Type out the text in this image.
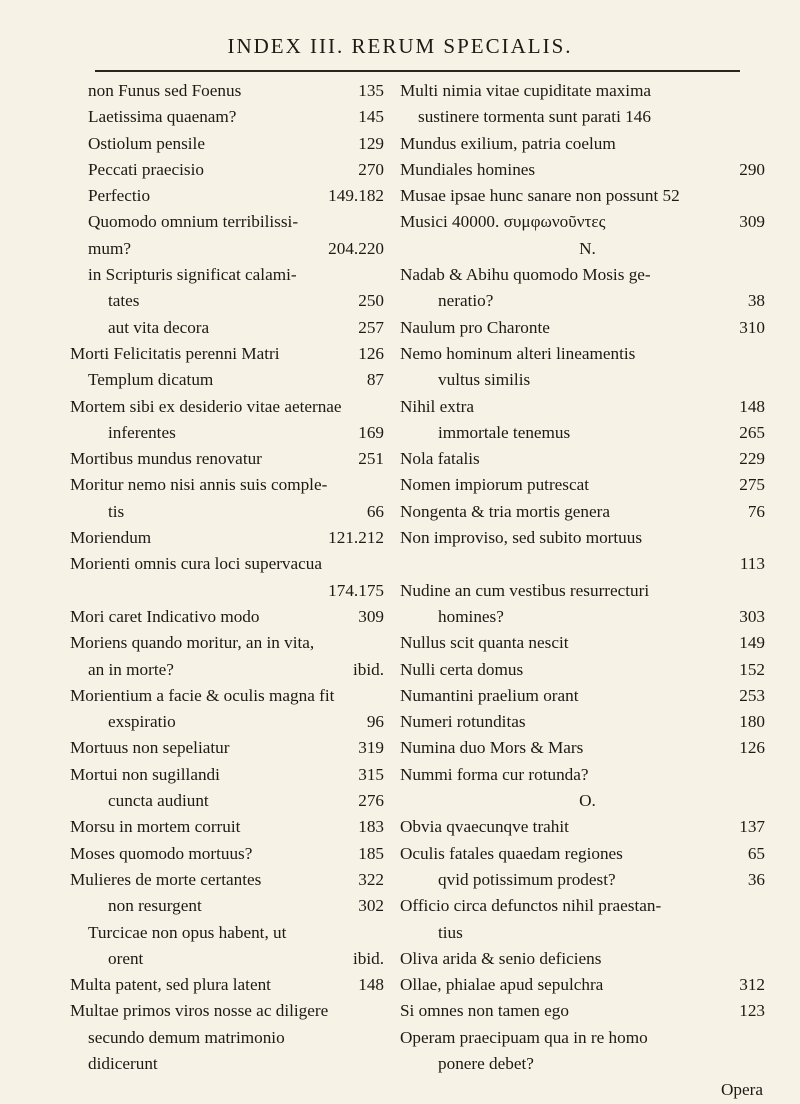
INDEX III. RERUM SPECIALIS.
non Funus sed Foenus	135
Laetissima quaenam?	145
Ostiolum pensile	129
Peccati praecisio	270
Perfectio	149.182
Quomodo omnium terribilissi-
mum?	204.220
in Scripturis significat calami-
tates	250
aut vita decora	257
Morti Felicitatis perenni Matri	126
Templum dicatum	87
Mortem sibi ex desiderio vitae aeternae
inferentes	169
Mortibus mundus renovatur	251
Moritur nemo nisi annis suis comple-
tis	66
Moriendum	121.212
Morienti omnis cura loci supervacua
174.175
Mori caret Indicativo modo	309
Moriens quando moritur, an in vita,
an in morte?	ibid.
Morientium a facie & oculis magna fit
exspiratio	96
Mortuus non sepeliatur	319
Mortui non sugillandi	315
cuncta audiunt	276
Morsu in mortem corruit	183
Moses quomodo mortuus?	185
Mulieres de morte certantes	322
non resurgent	302
Turcicae non opus habent, ut
orent	ibid.
Multa patent, sed plura latent	148
Multae primos viros nosse ac diligere
secundo demum matrimonio
didicerunt
Multi nimia vitae cupiditate maxima
sustinere tormenta sunt parati 146
Mundus exilium, patria coelum
Mundiales homines	290
Musae ipsae hunc sanare non possunt 52
Musici 40000. συμφωνοῦντες	309
N.
Nadab & Abihu quomodo Mosis ge-
neratio?	38
Naulum pro Charonte	310
Nemo hominum alteri lineamentis
vultus similis
Nihil extra	148
immortale tenemus	265
Nola fatalis	229
Nomen impiorum putrescat	275
Nongenta & tria mortis genera	76
Non improviso, sed subito mortuus
113
Nudine an cum vestibus resurrecturi
homines?	303
Nullus scit quanta nescit	149
Nulli certa domus	152
Numantini praelium orant	253
Numeri rotunditas	180
Numina duo Mors & Mars	126
Nummi forma cur rotunda?
O.
Obvia qvaecunqve trahit	137
Oculis fatales quaedam regiones	65
qvid potissimum prodest?	36
Officio circa defunctos nihil praestan-
tius
Oliva arida & senio deficiens
Ollae, phialae apud sepulchra	312
Si omnes non tamen ego	123
Operam praecipuam qua in re homo
ponere debet?
Opera
